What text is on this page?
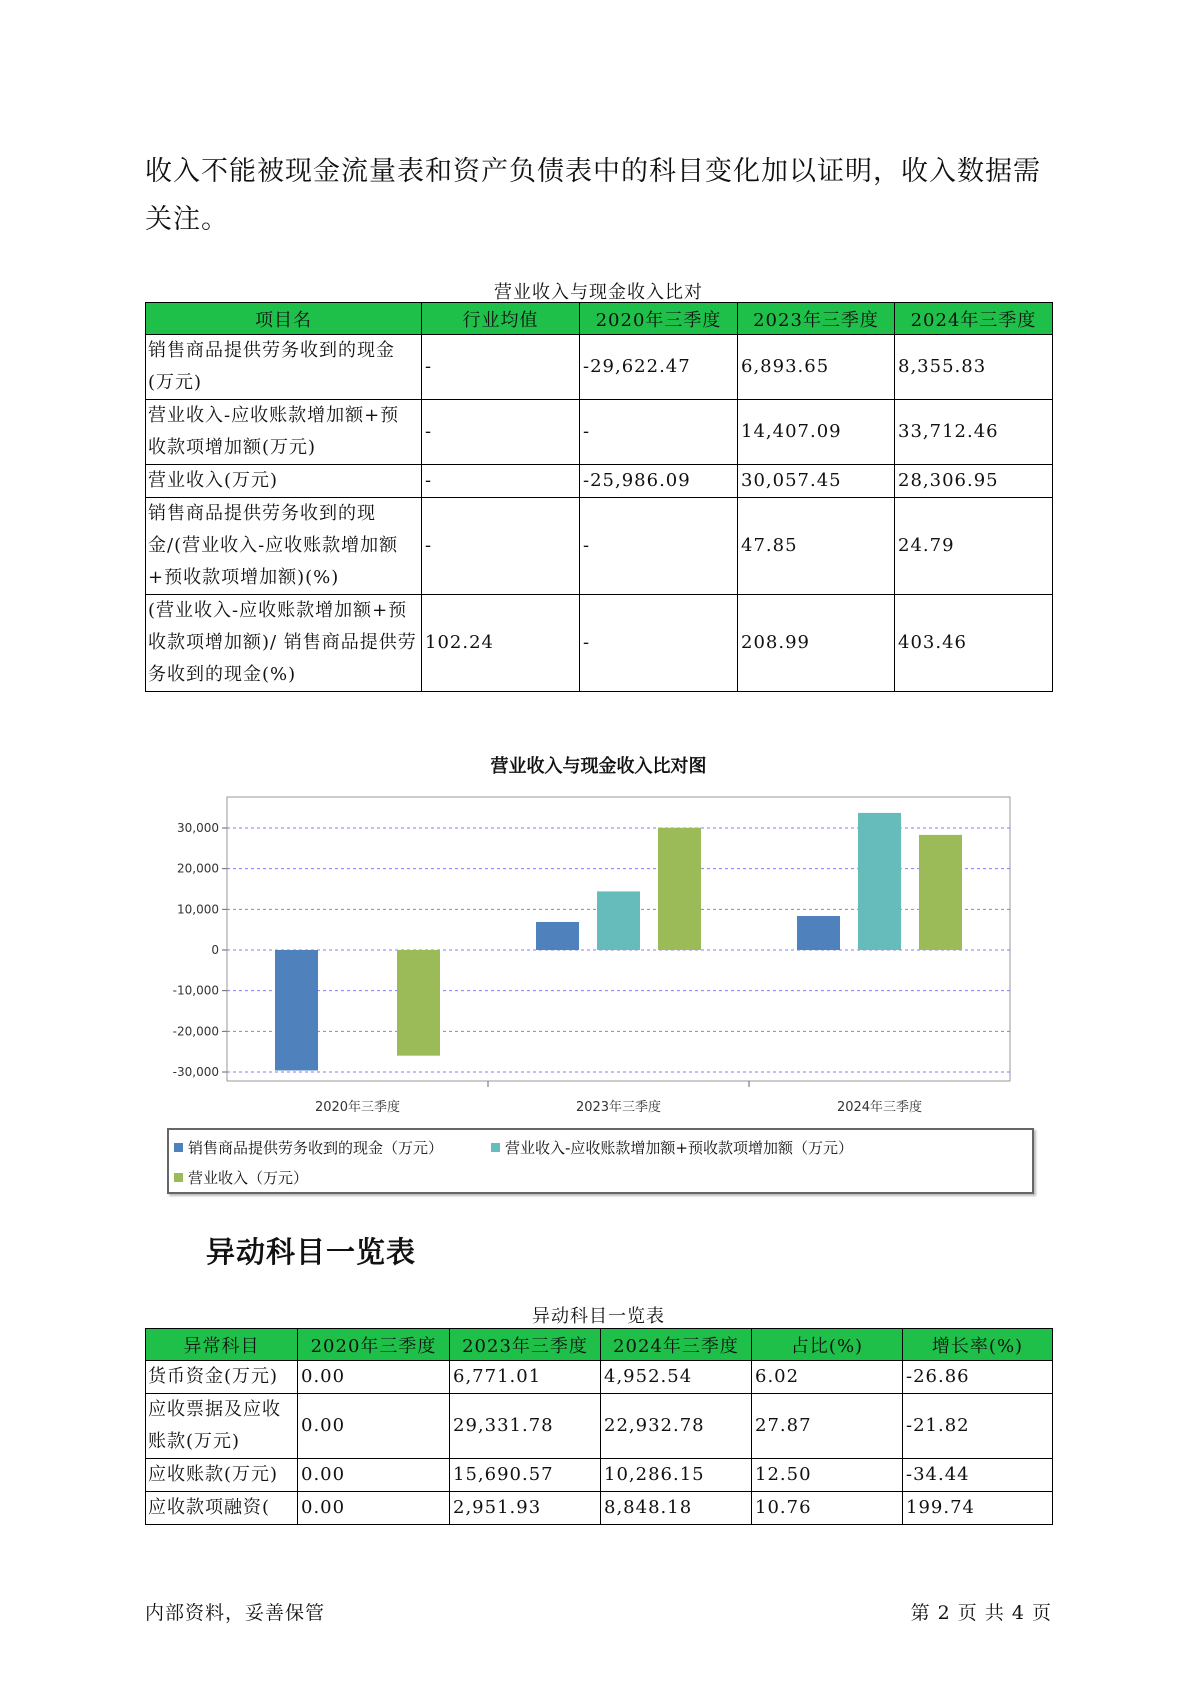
收入不能被现金流量表和资产负债表中的科目变化加以证明，收入数据需关注。
营业收入与现金收入比对
项目名	行业均值	2020年三季度	2023年三季度	2024年三季度
销售商品提供劳务收到的现金(万元)	-	-29,622.47	6,893.65	8,355.83
营业收入-应收账款增加额+预收款项增加额(万元)	-	-	14,407.09	33,712.46
营业收入(万元)	-	-25,986.09	30,057.45	28,306.95
销售商品提供劳务收到的现金/(营业收入-应收账款增加额+预收款项增加额)(%)	-	-	47.85	24.79
(营业收入-应收账款增加额+预收款项增加额)/ 销售商品提供劳务收到的现金(%)	102.24	-	208.99	403.46
营业收入与现金收入比对图
30,000
20,000
10,000
0
-10,000
-20,000
-30,000
2020年三季度	2023年三季度	2024年三季度
销售商品提供劳务收到的现金（万元）	营业收入-应收账款增加额+预收款项增加额（万元）
营业收入（万元）
异动科目一览表
异动科目一览表
异常科目	2020年三季度	2023年三季度	2024年三季度	占比(%)	增长率(%)
货币资金(万元)	0.00	6,771.01	4,952.54	6.02	-26.86
应收票据及应收账款(万元)	0.00	29,331.78	22,932.78	27.87	-21.82
应收账款(万元)	0.00	15,690.57	10,286.15	12.50	-34.44
应收款项融资(	0.00	2,951.93	8,848.18	10.76	199.74
内部资料，妥善保管	第 2 页 共 4 页
